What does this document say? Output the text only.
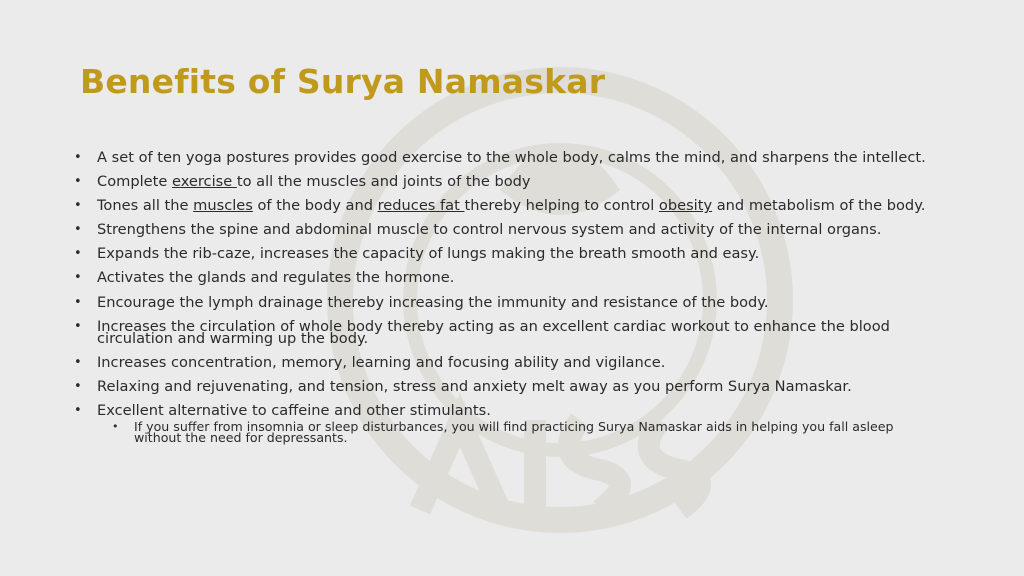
Benefits of Surya Namaskar
• A set of ten yoga postures provides good exercise to the whole body, calms the mind, and sharpens the intellect.
• Complete exercise to all the muscles and joints of the body
• Tones all the muscles of the body and reduces fat thereby helping to control obesity and metabolism of the body.
• Strengthens the spine and abdominal muscle to control nervous system and activity of the internal organs.
• Expands the rib-caze, increases the capacity of lungs making the breath smooth and easy.
• Activates the glands and regulates the hormone.
• Encourage the lymph drainage thereby increasing the immunity and resistance of the body.
• Increases the circulation of whole body thereby acting as an excellent cardiac workout to enhance the blood circulation and warming up the body.
• Increases concentration, memory, learning and focusing ability and vigilance.
• Relaxing and rejuvenating, and tension, stress and anxiety melt away as you perform Surya Namaskar.
• Excellent alternative to caffeine and other stimulants.
• If you suffer from insomnia or sleep disturbances, you will find practicing Surya Namaskar aids in helping you fall asleep without the need for depressants.
